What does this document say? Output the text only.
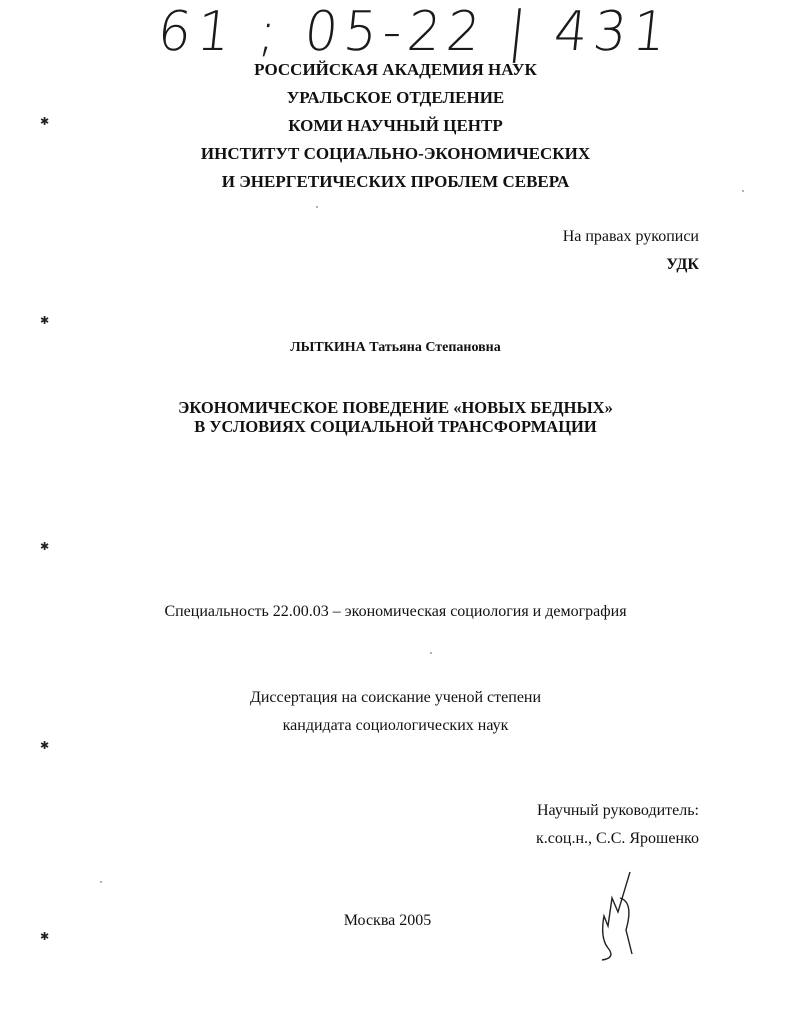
61 ; 05-22 | 431
РОССИЙСКАЯ АКАДЕМИЯ НАУК
УРАЛЬСКОЕ ОТДЕЛЕНИЕ
КОМИ НАУЧНЫЙ ЦЕНТР
ИНСТИТУТ СОЦИАЛЬНО-ЭКОНОМИЧЕСКИХ
И ЭНЕРГЕТИЧЕСКИХ ПРОБЛЕМ СЕВЕРА
На правах рукописи
УДК
ЛЫТКИНА Татьяна Степановна
ЭКОНОМИЧЕСКОЕ ПОВЕДЕНИЕ «НОВЫХ БЕДНЫХ»
В УСЛОВИЯХ СОЦИАЛЬНОЙ ТРАНСФОРМАЦИИ
Специальность 22.00.03 – экономическая социология и демография
Диссертация на соискание ученой степени
кандидата социологических наук
Научный руководитель:
к.соц.н., С.С. Ярошенко
Москва 2005
✱
✱
✱
✱
✱
